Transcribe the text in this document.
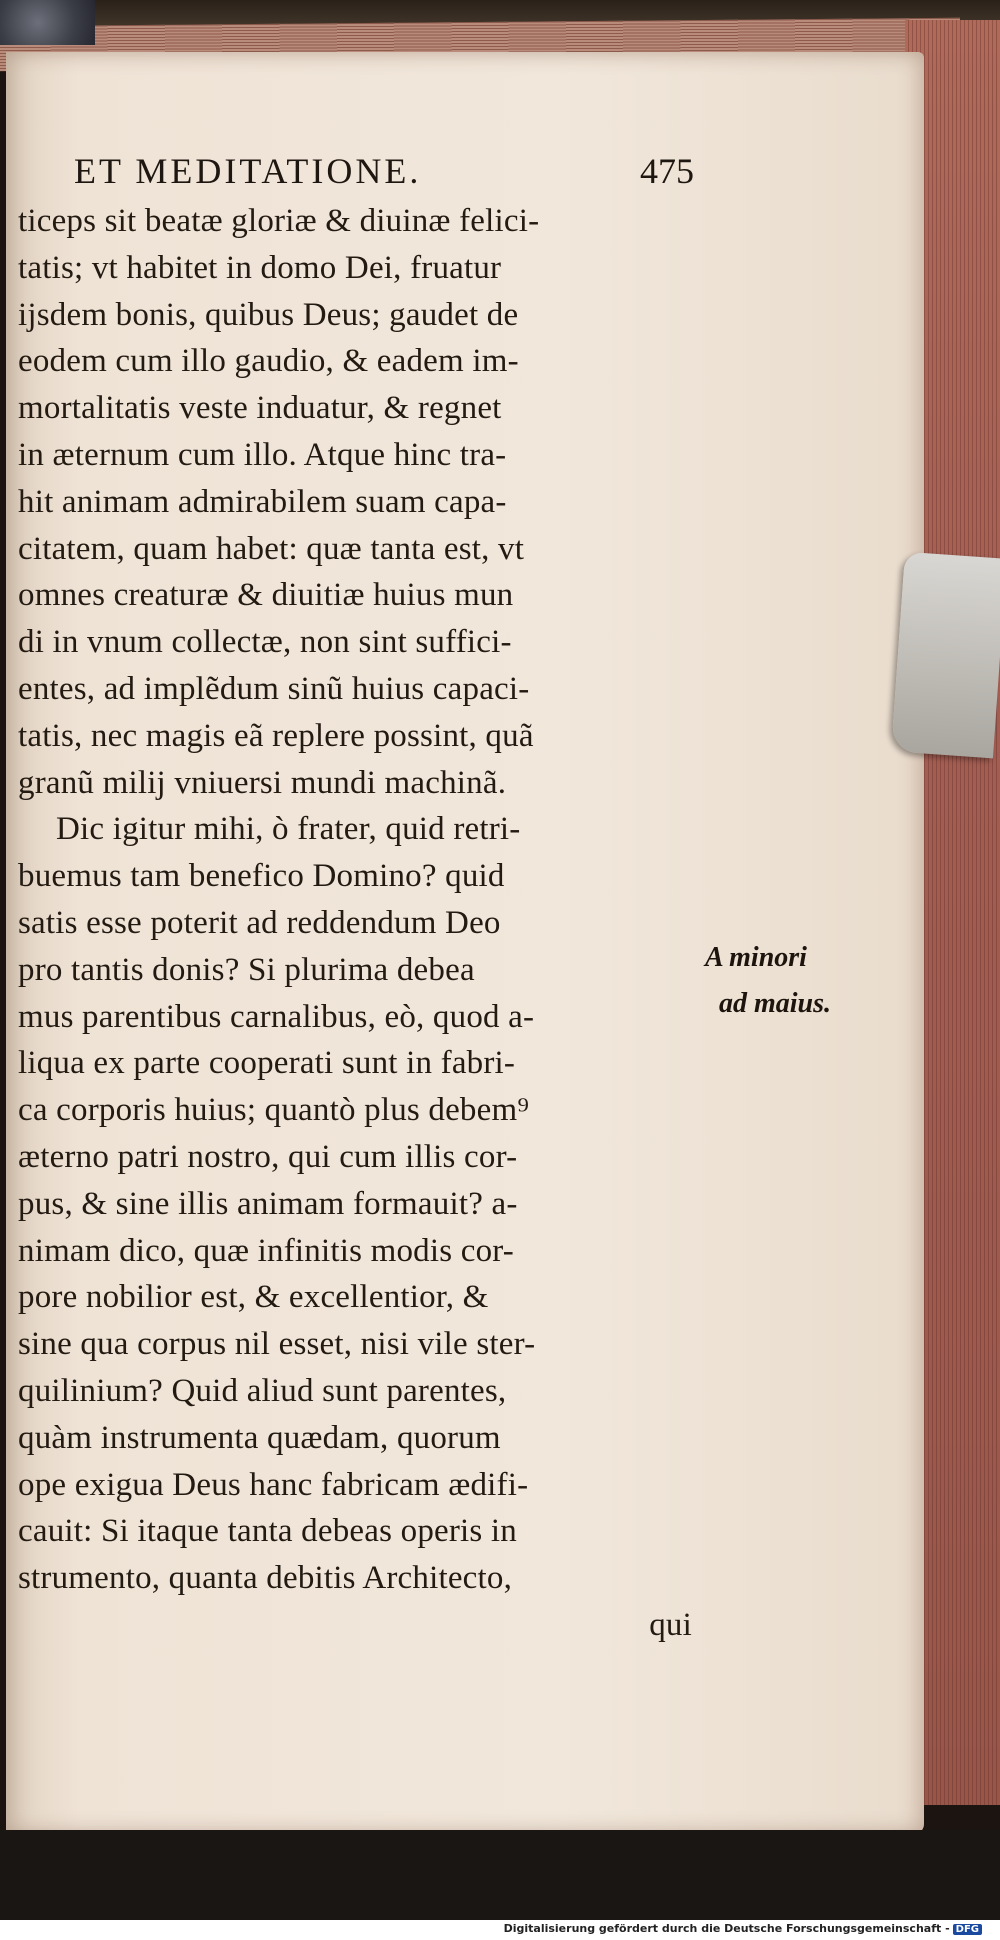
ET MEDITATIONE.	475
ticeps sit beatæ gloriæ & diuinæ felici-
tatis; vt habitet in domo Dei, fruatur
ijsdem bonis, quibus Deus; gaudet de
eodem cum illo gaudio, & eadem im-
mortalitatis veste induatur, & regnet
in æternum cum illo. Atque hinc tra-
hit animam admirabilem suam capa-
citatem, quam habet: quæ tanta est, vt
omnes creaturæ & diuitiæ huius mun
di in vnum collectæ, non sint suffici-
entes, ad implẽdum sinũ huius capaci-
tatis, nec magis eã replere possint, quã
granũ milij vniuersi mundi machinã.
Dic igitur mihi, ò frater, quid retri-
buemus tam benefico Domino? quid
satis esse poterit ad reddendum Deo
pro tantis donis? Si plurima debea
mus parentibus carnalibus, eò, quod a-
liqua ex parte cooperati sunt in fabri-
ca corporis huius; quantò plus debem⁹
æterno patri nostro, qui cum illis cor-
pus, & sine illis animam formauit? a-
nimam dico, quæ infinitis modis cor-
pore nobilior est, & excellentior, &
sine qua corpus nil esset, nisi vile ster-
quilinium? Quid aliud sunt parentes,
quàm instrumenta quædam, quorum
ope exigua Deus hanc fabricam ædifi-
cauit: Si itaque tanta debeas operis in
strumento, quanta debitis Architecto,
qui
A minori
ad maius.
Digitalisierung gefördert durch die Deutsche Forschungsgemeinschaft - DFG
